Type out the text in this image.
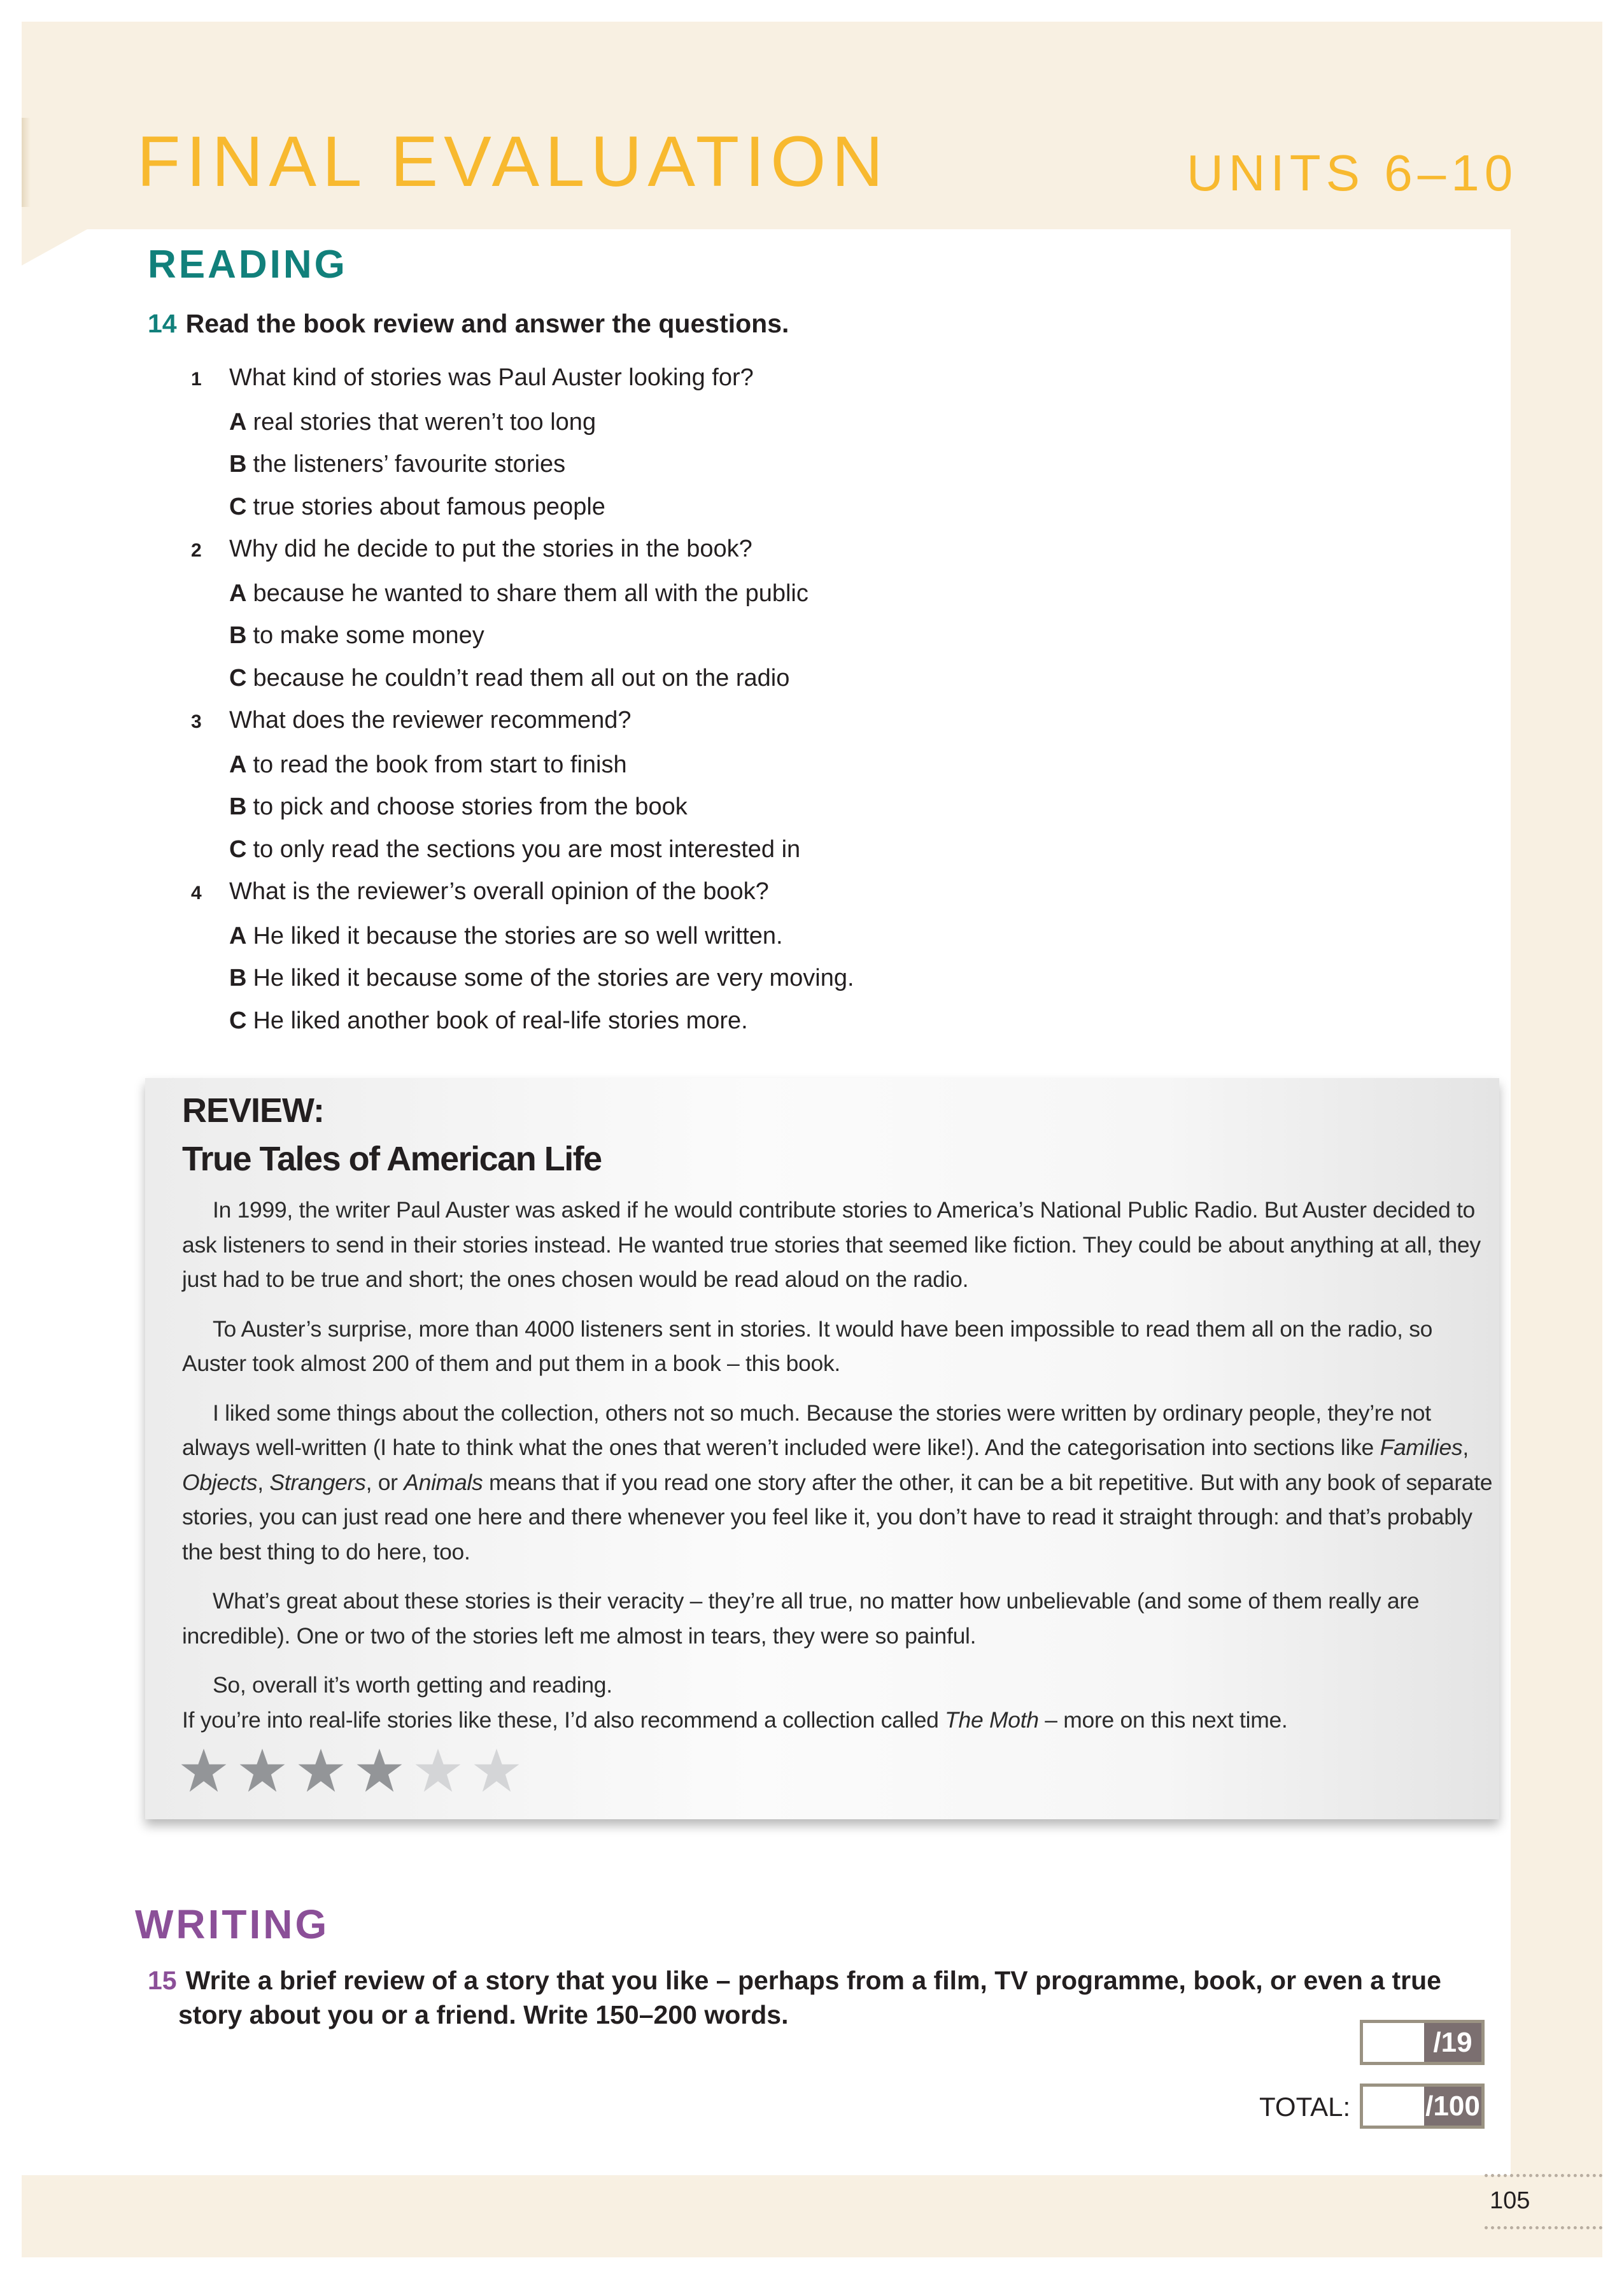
FINAL EVALUATION	UNITS 6–10
READING
14 Read the book review and answer the questions.
1 What kind of stories was Paul Auster looking for?
A real stories that weren’t too long
B the listeners’ favourite stories
C true stories about famous people
2 Why did he decide to put the stories in the book?
A because he wanted to share them all with the public
B to make some money
C because he couldn’t read them all out on the radio
3 What does the reviewer recommend?
A to read the book from start to finish
B to pick and choose stories from the book
C to only read the sections you are most interested in
4 What is the reviewer’s overall opinion of the book?
A He liked it because the stories are so well written.
B He liked it because some of the stories are very moving.
C He liked another book of real-life stories more.
REVIEW:
True Tales of American Life

In 1999, the writer Paul Auster was asked if he would contribute stories to America’s National Public Radio. But Auster decided to ask listeners to send in their stories instead. He wanted true stories that seemed like fiction. They could be about anything at all, they just had to be true and short; the ones chosen would be read aloud on the radio.

To Auster’s surprise, more than 4000 listeners sent in stories. It would have been impossible to read them all on the radio, so Auster took almost 200 of them and put them in a book – this book.

I liked some things about the collection, others not so much. Because the stories were written by ordinary people, they’re not always well-written (I hate to think what the ones that weren’t included were like!). And the categorisation into sections like Families, Objects, Strangers, or Animals means that if you read one story after the other, it can be a bit repetitive. But with any book of separate stories, you can just read one here and there whenever you feel like it, you don’t have to read it straight through: and that’s probably the best thing to do here, too.

What’s great about these stories is their veracity – they’re all true, no matter how unbelievable (and some of them really are incredible). One or two of the stories left me almost in tears, they were so painful.

So, overall it’s worth getting and reading.

If you’re into real-life stories like these, I’d also recommend a collection called The Moth – more on this next time.

WRITING
15 Write a brief review of a story that you like – perhaps from a film, TV programme, book, or even a true
story about you or a friend. Write 150–200 words.
/19
TOTAL:	/100
105
